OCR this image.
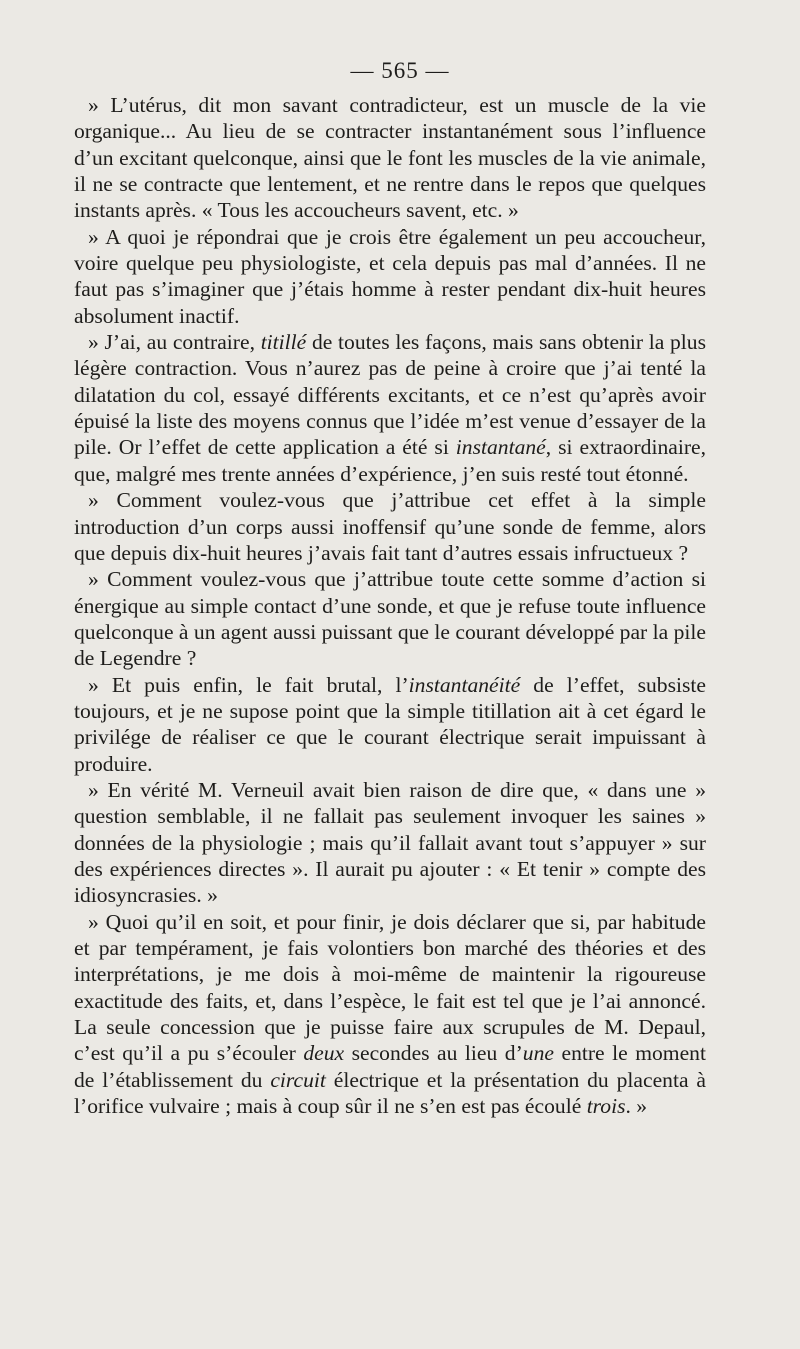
— 565 —

» L’utérus, dit mon savant contradicteur, est un muscle de la vie organique... Au lieu de se contracter instantanément sous l’influence d’un excitant quelconque, ainsi que le font les muscles de la vie animale, il ne se contracte que lentement, et ne rentre dans le repos que quelques instants après. « Tous les accoucheurs savent, etc. »

» A quoi je répondrai que je crois être également un peu accoucheur, voire quelque peu physiologiste, et cela depuis pas mal d’années. Il ne faut pas s’imaginer que j’étais homme à rester pendant dix-huit heures absolument inactif.

» J’ai, au contraire, titillé de toutes les façons, mais sans obtenir la plus légère contraction. Vous n’aurez pas de peine à croire que j’ai tenté la dilatation du col, essayé différents excitants, et ce n’est qu’après avoir épuisé la liste des moyens connus que l’idée m’est venue d’essayer de la pile. Or l’effet de cette application a été si instantané, si extraordinaire, que, malgré mes trente années d’expérience, j’en suis resté tout étonné.

» Comment voulez-vous que j’attribue cet effet à la simple introduction d’un corps aussi inoffensif qu’une sonde de femme, alors que depuis dix-huit heures j’avais fait tant d’autres essais infructueux ?

» Comment voulez-vous que j’attribue toute cette somme d’action si énergique au simple contact d’une sonde, et que je refuse toute influence quelconque à un agent aussi puissant que le courant développé par la pile de Legendre ?

» Et puis enfin, le fait brutal, l’instantanéité de l’effet, subsiste toujours, et je ne supose point que la simple titillation ait à cet égard le privilége de réaliser ce que le courant électrique serait impuissant à produire.

» En vérité M. Verneuil avait bien raison de dire que, « dans une » question semblable, il ne fallait pas seulement invoquer les saines » données de la physiologie ; mais qu’il fallait avant tout s’appuyer » sur des expériences directes ». Il aurait pu ajouter : « Et tenir » compte des idiosyncrasies. »

» Quoi qu’il en soit, et pour finir, je dois déclarer que si, par habitude et par tempérament, je fais volontiers bon marché des théories et des interprétations, je me dois à moi-même de maintenir la rigoureuse exactitude des faits, et, dans l’espèce, le fait est tel que je l’ai annoncé. La seule concession que je puisse faire aux scrupules de M. Depaul, c’est qu’il a pu s’écouler deux secondes au lieu d’une entre le moment de l’établissement du circuit électrique et la présentation du placenta à l’orifice vulvaire ; mais à coup sûr il ne s’en est pas écoulé trois. »
